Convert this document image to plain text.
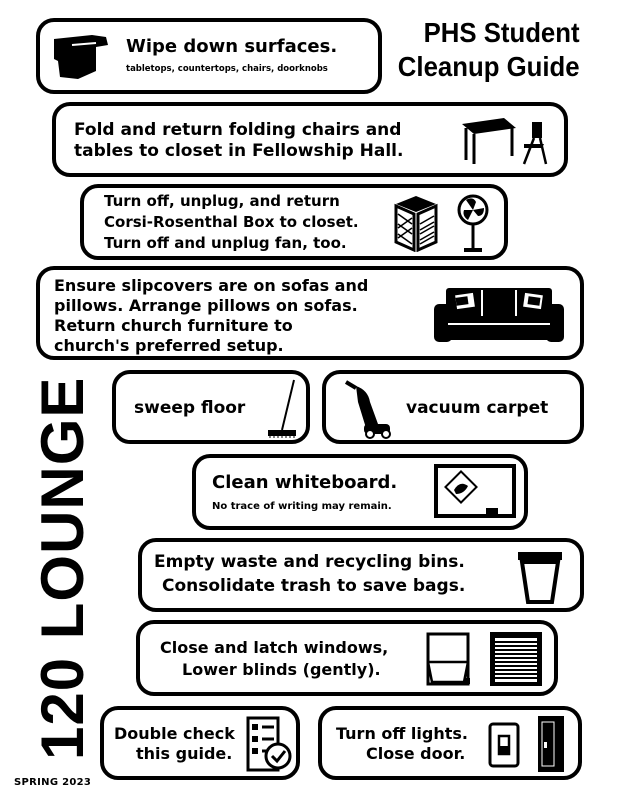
PHS Student
Cleanup Guide
120 LOUNGE
SPRING 2023
Wipe down surfaces.
tabletops, countertops, chairs, doorknobs
Fold and return folding chairs and
tables to closet in Fellowship Hall.
Turn off, unplug, and return
Corsi-Rosenthal Box to closet.
Turn off and unplug fan, too.
Ensure slipcovers are on sofas and
pillows. Arrange pillows on sofas.
Return church furniture to
church's preferred setup.
sweep floor	vacuum carpet
Clean whiteboard.
No trace of writing may remain.
Empty waste and recycling bins.
Consolidate trash to save bags.
Close and latch windows,
Lower blinds (gently).
Double check
this guide.
Turn off lights.
Close door.
